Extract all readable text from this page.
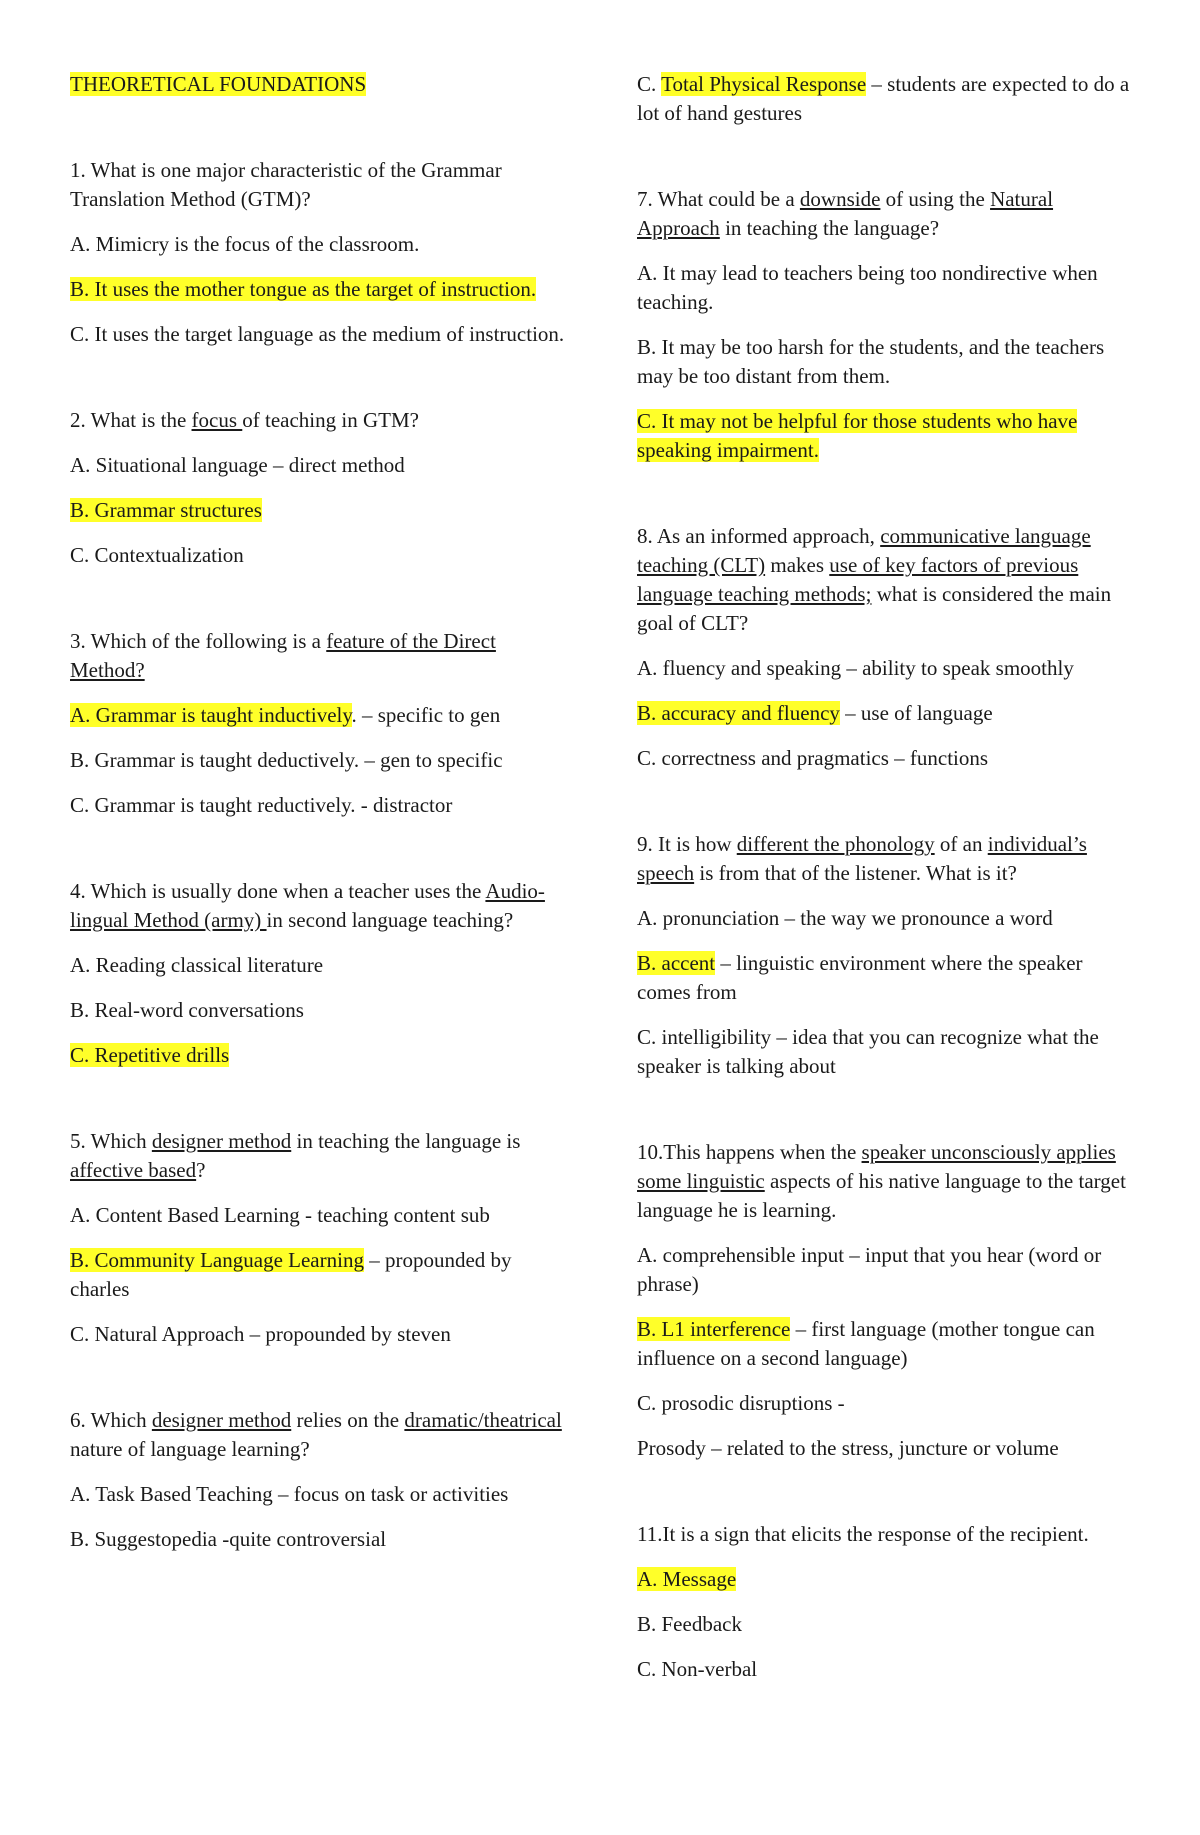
THEORETICAL FOUNDATIONS

1. What is one major characteristic of the Grammar Translation Method (GTM)?

A. Mimicry is the focus of the classroom.

B. It uses the mother tongue as the target of instruction.

C. It uses the target language as the medium of instruction.

2. What is the focus of teaching in GTM?

A. Situational language – direct method

B. Grammar structures

C. Contextualization

3. Which of the following is a feature of the Direct Method?

A. Grammar is taught inductively. – specific to gen

B. Grammar is taught deductively. – gen to specific

C. Grammar is taught reductively. - distractor

4. Which is usually done when a teacher uses the Audio-lingual Method (army) in second language teaching?

A. Reading classical literature

B. Real-word conversations

C. Repetitive drills

5. Which designer method in teaching the language is affective based?

A. Content Based Learning - teaching content sub

B. Community Language Learning – propounded by charles

C. Natural Approach – propounded by steven

6. Which designer method relies on the dramatic/theatrical nature of language learning?

A. Task Based Teaching – focus on task or activities

B. Suggestopedia -quite controversial

C. Total Physical Response – students are expected to do a lot of hand gestures

7. What could be a downside of using the Natural Approach in teaching the language?

A. It may lead to teachers being too nondirective when teaching.

B. It may be too harsh for the students, and the teachers may be too distant from them.

C. It may not be helpful for those students who have speaking impairment.

8. As an informed approach, communicative language teaching (CLT) makes use of key factors of previous language teaching methods; what is considered the main goal of CLT?

A. fluency and speaking – ability to speak smoothly

B. accuracy and fluency – use of language

C. correctness and pragmatics – functions

9. It is how different the phonology of an individual’s speech is from that of the listener. What is it?

A. pronunciation – the way we pronounce a word

B. accent – linguistic environment where the speaker comes from

C. intelligibility – idea that you can recognize what the speaker is talking about

10.This happens when the speaker unconsciously applies some linguistic aspects of his native language to the target language he is learning.

A. comprehensible input – input that you hear (word or phrase)

B. L1 interference – first language (mother tongue can influence on a second language)

C. prosodic disruptions -

Prosody – related to the stress, juncture or volume

11.It is a sign that elicits the response of the recipient.

A. Message

B. Feedback

C. Non-verbal
